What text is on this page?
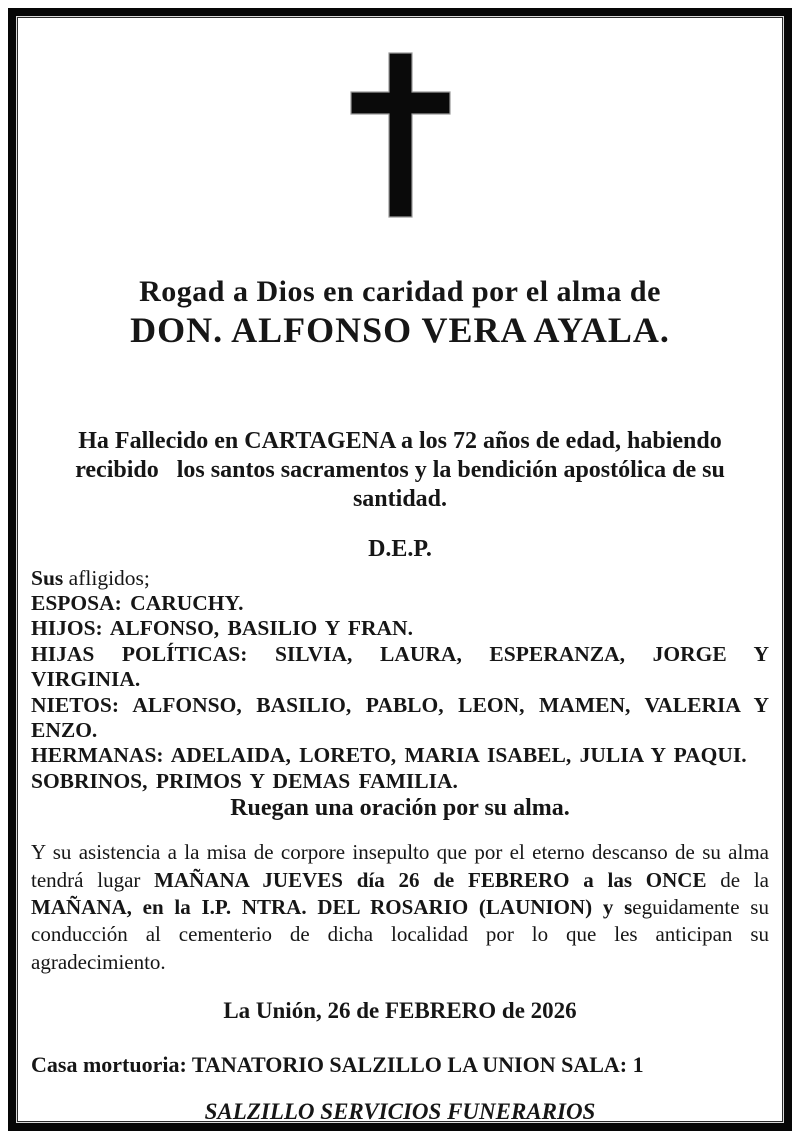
Rogad a Dios en caridad por el alma de
DON. ALFONSO VERA AYALA.
Ha Fallecido en CARTAGENA a los 72 años de edad, habiendo
recibido   los santos sacramentos y la bendición apostólica de su
santidad.
D.E.P.
Sus afligidos;
ESPOSA: CARUCHY.
HIJOS: ALFONSO, BASILIO Y FRAN.
HIJAS POLÍTICAS: SILVIA, LAURA, ESPERANZA, JORGE Y VIRGINIA.
NIETOS: ALFONSO, BASILIO, PABLO, LEON, MAMEN, VALERIA Y ENZO.
HERMANAS: ADELAIDA, LORETO, MARIA ISABEL, JULIA Y PAQUI.
SOBRINOS, PRIMOS Y DEMAS FAMILIA.
Ruegan una oración por su alma.

Y su asistencia a la misa de corpore insepulto que por el eterno descanso de su alma tendrá lugar MAÑANA JUEVES día 26 de FEBRERO a las ONCE de la MAÑANA, en la I.P. NTRA. DEL ROSARIO (LAUNION) y seguidamente su conducción al cementerio de dicha localidad por lo que les anticipan su agradecimiento.

La Unión, 26 de FEBRERO de 2026
Casa mortuoria: TANATORIO SALZILLO LA UNION SALA: 1
SALZILLO SERVICIOS FUNERARIOS
